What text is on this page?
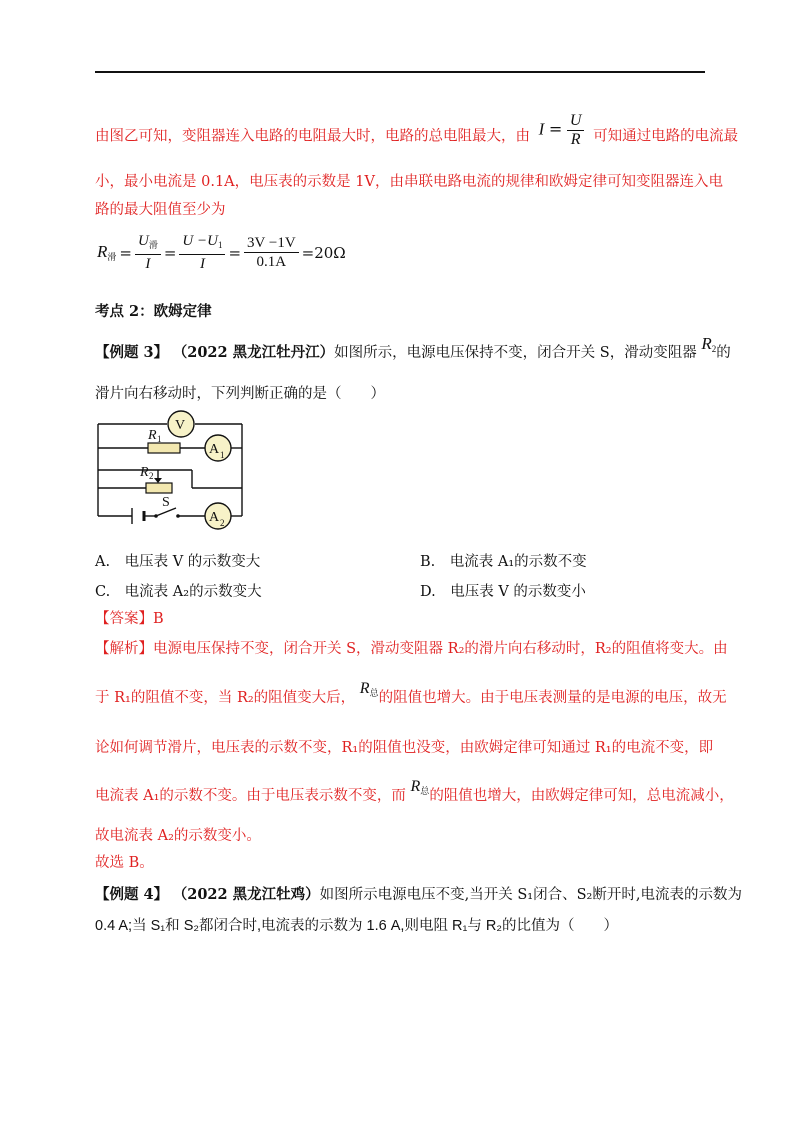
由图乙可知，变阻器连入电路的电阻最大时，电路的总电阻最大，由 $I = \frac{U}{R}$ 可知通过电路的电流最
小，最小电流是 0.1A，电压表的示数是 1V，由串联电路电流的规律和欧姆定律可知变阻器连入电
路的最大阻值至少为
$R_滑 = \frac{U_滑}{I} = \frac{U -U_1}{I} = \frac{3V -1V}{0.1A} =20\Omega$
考点 2：欧姆定律
【例题 3】 （2022 黑龙江牡丹江）如图所示，电源电压保持不变，闭合开关 S，滑动变阻器 $R_2$的
滑片向右移动时，下列判断正确的是（　　）
V
A 1
A 2
R 1
R 2
S
A.　电压表 V 的示数变大	B.　电流表 A₁的示数不变
C.　电流表 A₂的示数变大	D.　电压表 V 的示数变小
【答案】B
【解析】电源电压保持不变，闭合开关 S，滑动变阻器 R₂的滑片向右移动时，R₂的阻值将变大。由
于 R₁的阻值不变，当 R₂的阻值变大后， $R_总$的阻值也增大。由于电压表测量的是电源的电压，故无
论如何调节滑片，电压表的示数不变，R₁的阻值也没变，由欧姆定律可知通过 R₁的电流不变，即
电流表 A₁的示数不变。由于电压表示数不变，而 $R_总$的阻值也增大，由欧姆定律可知，总电流减小，
故电流表 A₂的示数变小。
故选 B。
【例题 4】 （2022 黑龙江牡鸡）如图所示电源电压不变,当开关 S₁闭合、S₂断开时,电流表的示数为
0.4 A;当 S₁和 S₂都闭合时,电流表的示数为 1.6 A,则电阻 R₁与 R₂的比值为（　　）
